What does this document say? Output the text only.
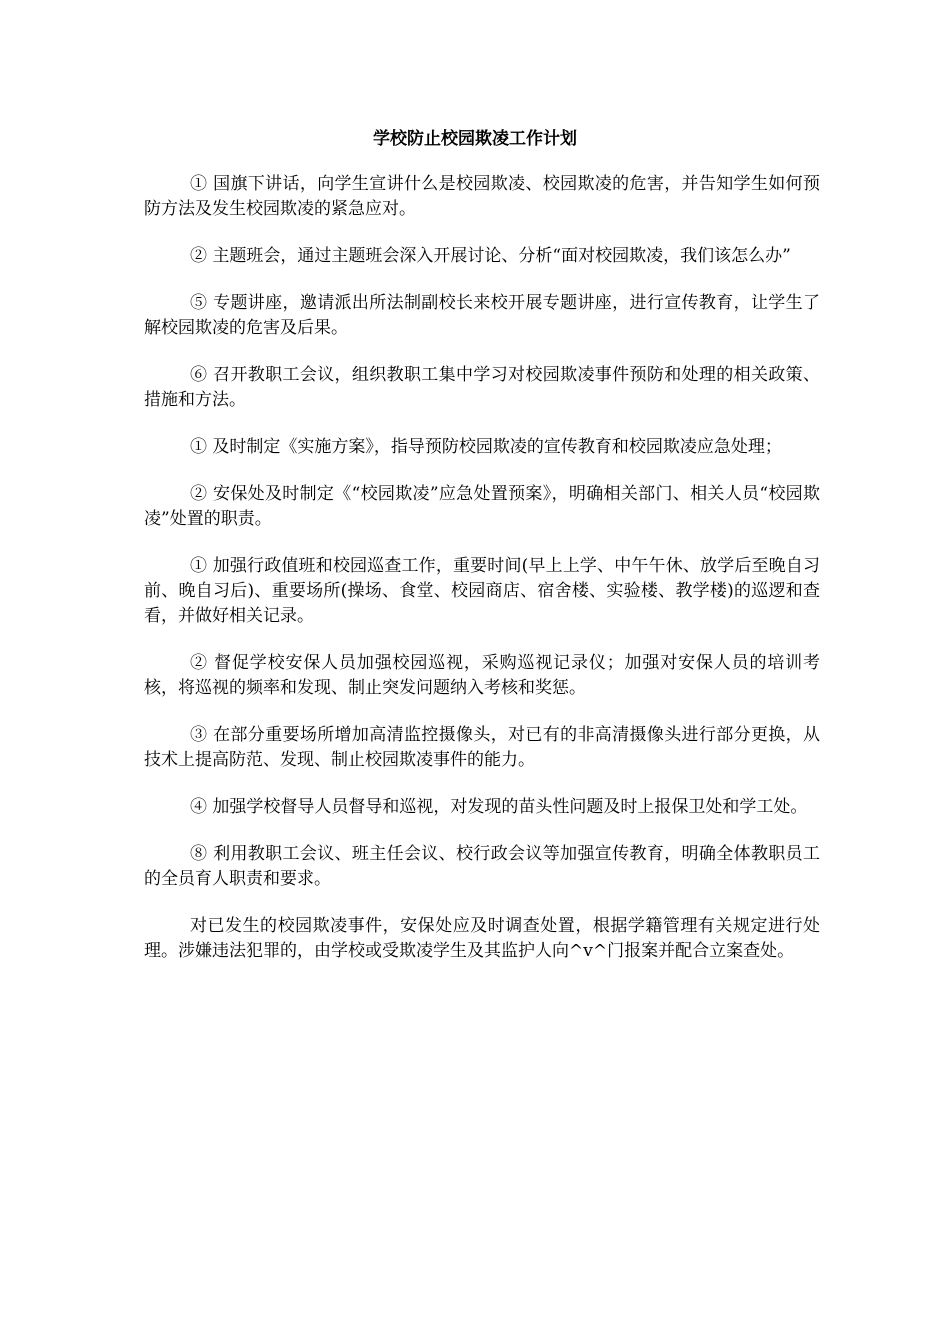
学校防止校园欺凌工作计划

① 国旗下讲话，向学生宣讲什么是校园欺凌、校园欺凌的危害，并告知学生如何预防方法及发生校园欺凌的紧急应对。

② 主题班会，通过主题班会深入开展讨论、分析“面对校园欺凌，我们该怎么办”

⑤ 专题讲座，邀请派出所法制副校长来校开展专题讲座，进行宣传教育，让学生了解校园欺凌的危害及后果。

⑥ 召开教职工会议，组织教职工集中学习对校园欺凌事件预防和处理的相关政策、措施和方法。

① 及时制定《实施方案》，指导预防校园欺凌的宣传教育和校园欺凌应急处理；

② 安保处及时制定《“校园欺凌”应急处置预案》，明确相关部门、相关人员“校园欺凌”处置的职责。

① 加强行政值班和校园巡查工作，重要时间(早上上学、中午午休、放学后至晚自习前、晚自习后)、重要场所(操场、食堂、校园商店、宿舍楼、实验楼、教学楼)的巡逻和查看，并做好相关记录。

② 督促学校安保人员加强校园巡视，采购巡视记录仪；加强对安保人员的培训考核，将巡视的频率和发现、制止突发问题纳入考核和奖惩。

③ 在部分重要场所增加高清监控摄像头，对已有的非高清摄像头进行部分更换，从技术上提高防范、发现、制止校园欺凌事件的能力。

④ 加强学校督导人员督导和巡视，对发现的苗头性问题及时上报保卫处和学工处。

⑧ 利用教职工会议、班主任会议、校行政会议等加强宣传教育，明确全体教职员工的全员育人职责和要求。

对已发生的校园欺凌事件，安保处应及时调查处置，根据学籍管理有关规定进行处理。涉嫌违法犯罪的，由学校或受欺凌学生及其监护人向^v^门报案并配合立案查处。
